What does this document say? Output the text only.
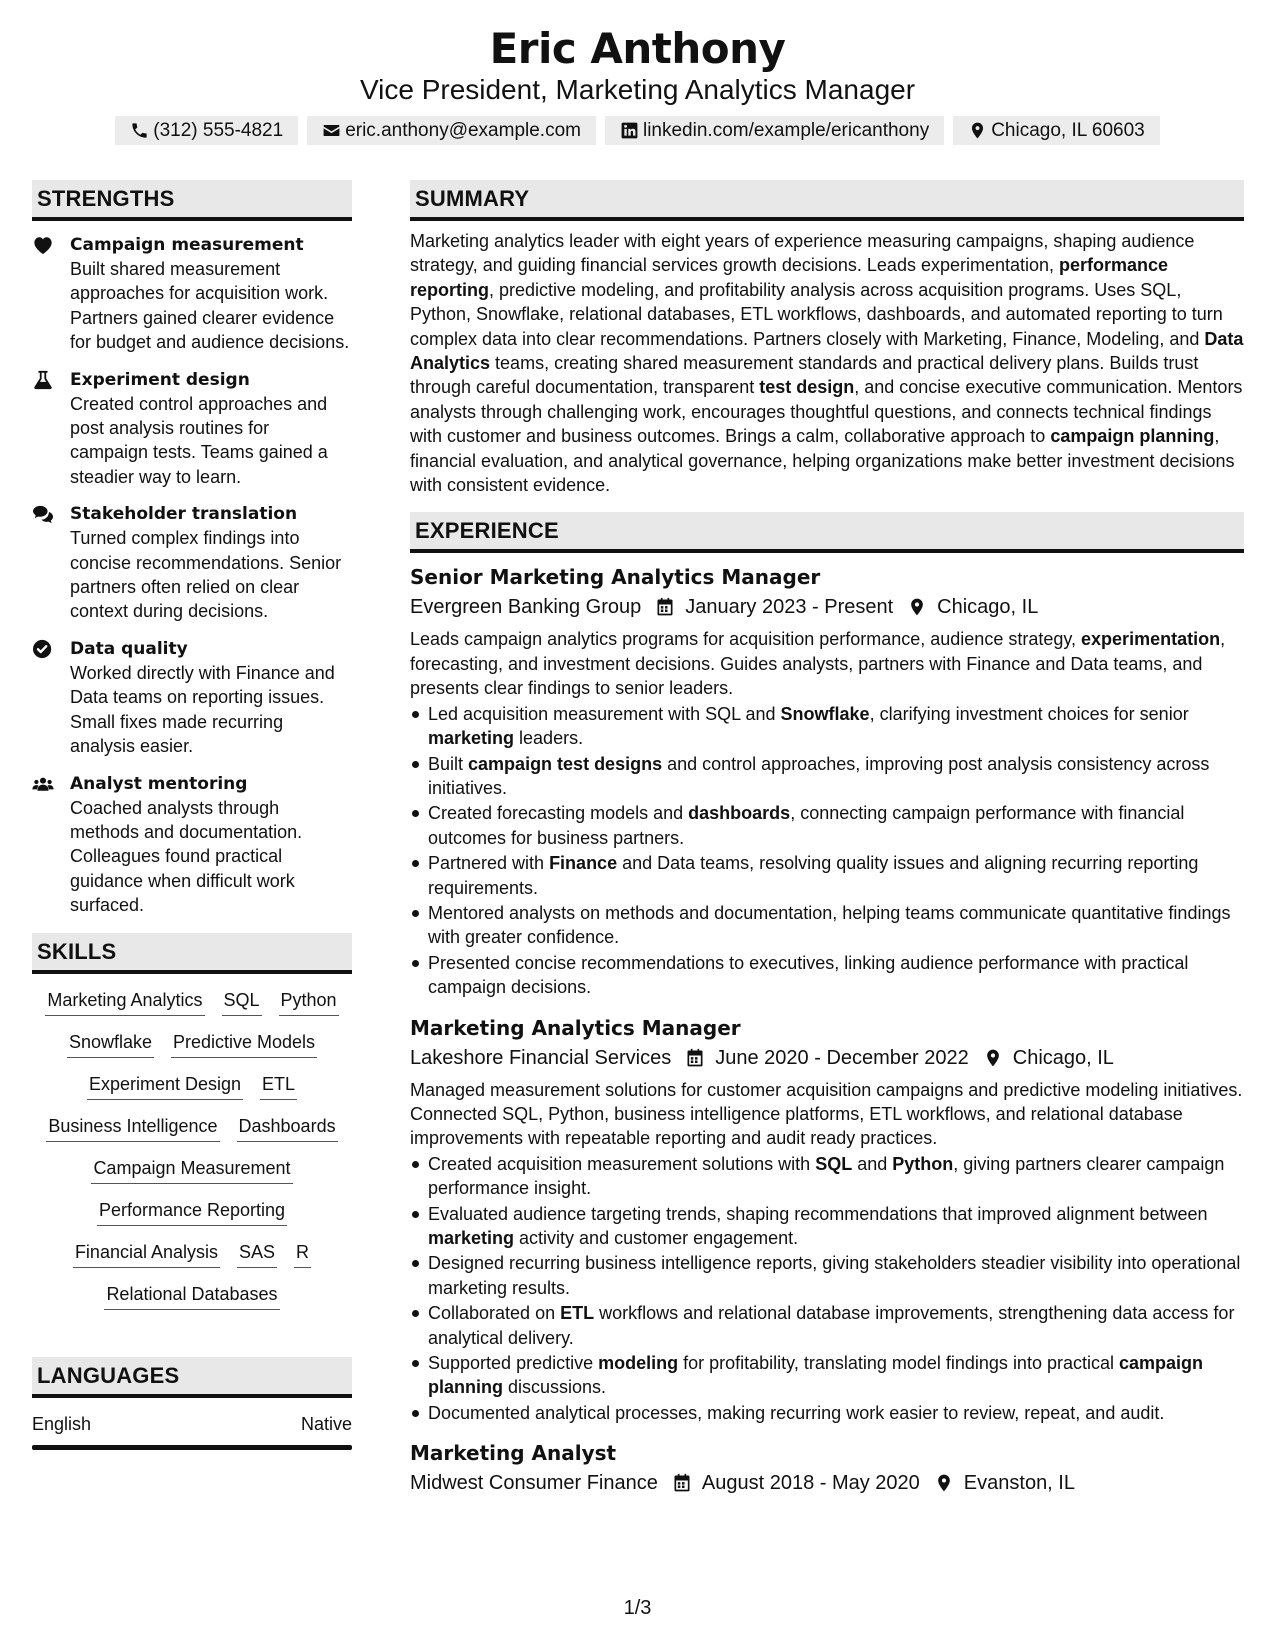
Eric Anthony
Vice President, Marketing Analytics Manager
(312) 555-4821	eric.anthony@example.com	linkedin.com/example/ericanthony	Chicago, IL 60603
STRENGTHS
Campaign measurement
Built shared measurement approaches for acquisition work. Partners gained clearer evidence for budget and audience decisions.
Experiment design
Created control approaches and post analysis routines for campaign tests. Teams gained a steadier way to learn.
Stakeholder translation
Turned complex findings into concise recommendations. Senior partners often relied on clear context during decisions.
Data quality
Worked directly with Finance and Data teams on reporting issues. Small fixes made recurring analysis easier.
Analyst mentoring
Coached analysts through methods and documentation. Colleagues found practical guidance when difficult work surfaced.
SKILLS
Marketing Analytics SQL Python
Snowflake Predictive Models
Experiment Design ETL
Business Intelligence Dashboards
Campaign Measurement
Performance Reporting
Financial Analysis SAS R
Relational Databases
LANGUAGES
English	Native
SUMMARY
Marketing analytics leader with eight years of experience measuring campaigns, shaping audience strategy, and guiding financial services growth decisions. Leads experimentation, performance reporting, predictive modeling, and profitability analysis across acquisition programs. Uses SQL, Python, Snowflake, relational databases, ETL workflows, dashboards, and automated reporting to turn complex data into clear recommendations. Partners closely with Marketing, Finance, Modeling, and Data Analytics teams, creating shared measurement standards and practical delivery plans. Builds trust through careful documentation, transparent test design, and concise executive communication. Mentors analysts through challenging work, encourages thoughtful questions, and connects technical findings with customer and business outcomes. Brings a calm, collaborative approach to campaign planning, financial evaluation, and analytical governance, helping organizations make better investment decisions with consistent evidence.
EXPERIENCE
Senior Marketing Analytics Manager
Evergreen Banking Group January 2023 - Present Chicago, IL
Leads campaign analytics programs for acquisition performance, audience strategy, experimentation, forecasting, and investment decisions. Guides analysts, partners with Finance and Data teams, and presents clear findings to senior leaders.
Led acquisition measurement with SQL and Snowflake, clarifying investment choices for senior marketing leaders.
Built campaign test designs and control approaches, improving post analysis consistency across initiatives.
Created forecasting models and dashboards, connecting campaign performance with financial outcomes for business partners.
Partnered with Finance and Data teams, resolving quality issues and aligning recurring reporting requirements.
Mentored analysts on methods and documentation, helping teams communicate quantitative findings with greater confidence.
Presented concise recommendations to executives, linking audience performance with practical campaign decisions.
Marketing Analytics Manager
Lakeshore Financial Services June 2020 - December 2022 Chicago, IL
Managed measurement solutions for customer acquisition campaigns and predictive modeling initiatives. Connected SQL, Python, business intelligence platforms, ETL workflows, and relational database improvements with repeatable reporting and audit ready practices.
Created acquisition measurement solutions with SQL and Python, giving partners clearer campaign performance insight.
Evaluated audience targeting trends, shaping recommendations that improved alignment between marketing activity and customer engagement.
Designed recurring business intelligence reports, giving stakeholders steadier visibility into operational marketing results.
Collaborated on ETL workflows and relational database improvements, strengthening data access for analytical delivery.
Supported predictive modeling for profitability, translating model findings into practical campaign planning discussions.
Documented analytical processes, making recurring work easier to review, repeat, and audit.
Marketing Analyst
Midwest Consumer Finance August 2018 - May 2020 Evanston, IL
1/3
